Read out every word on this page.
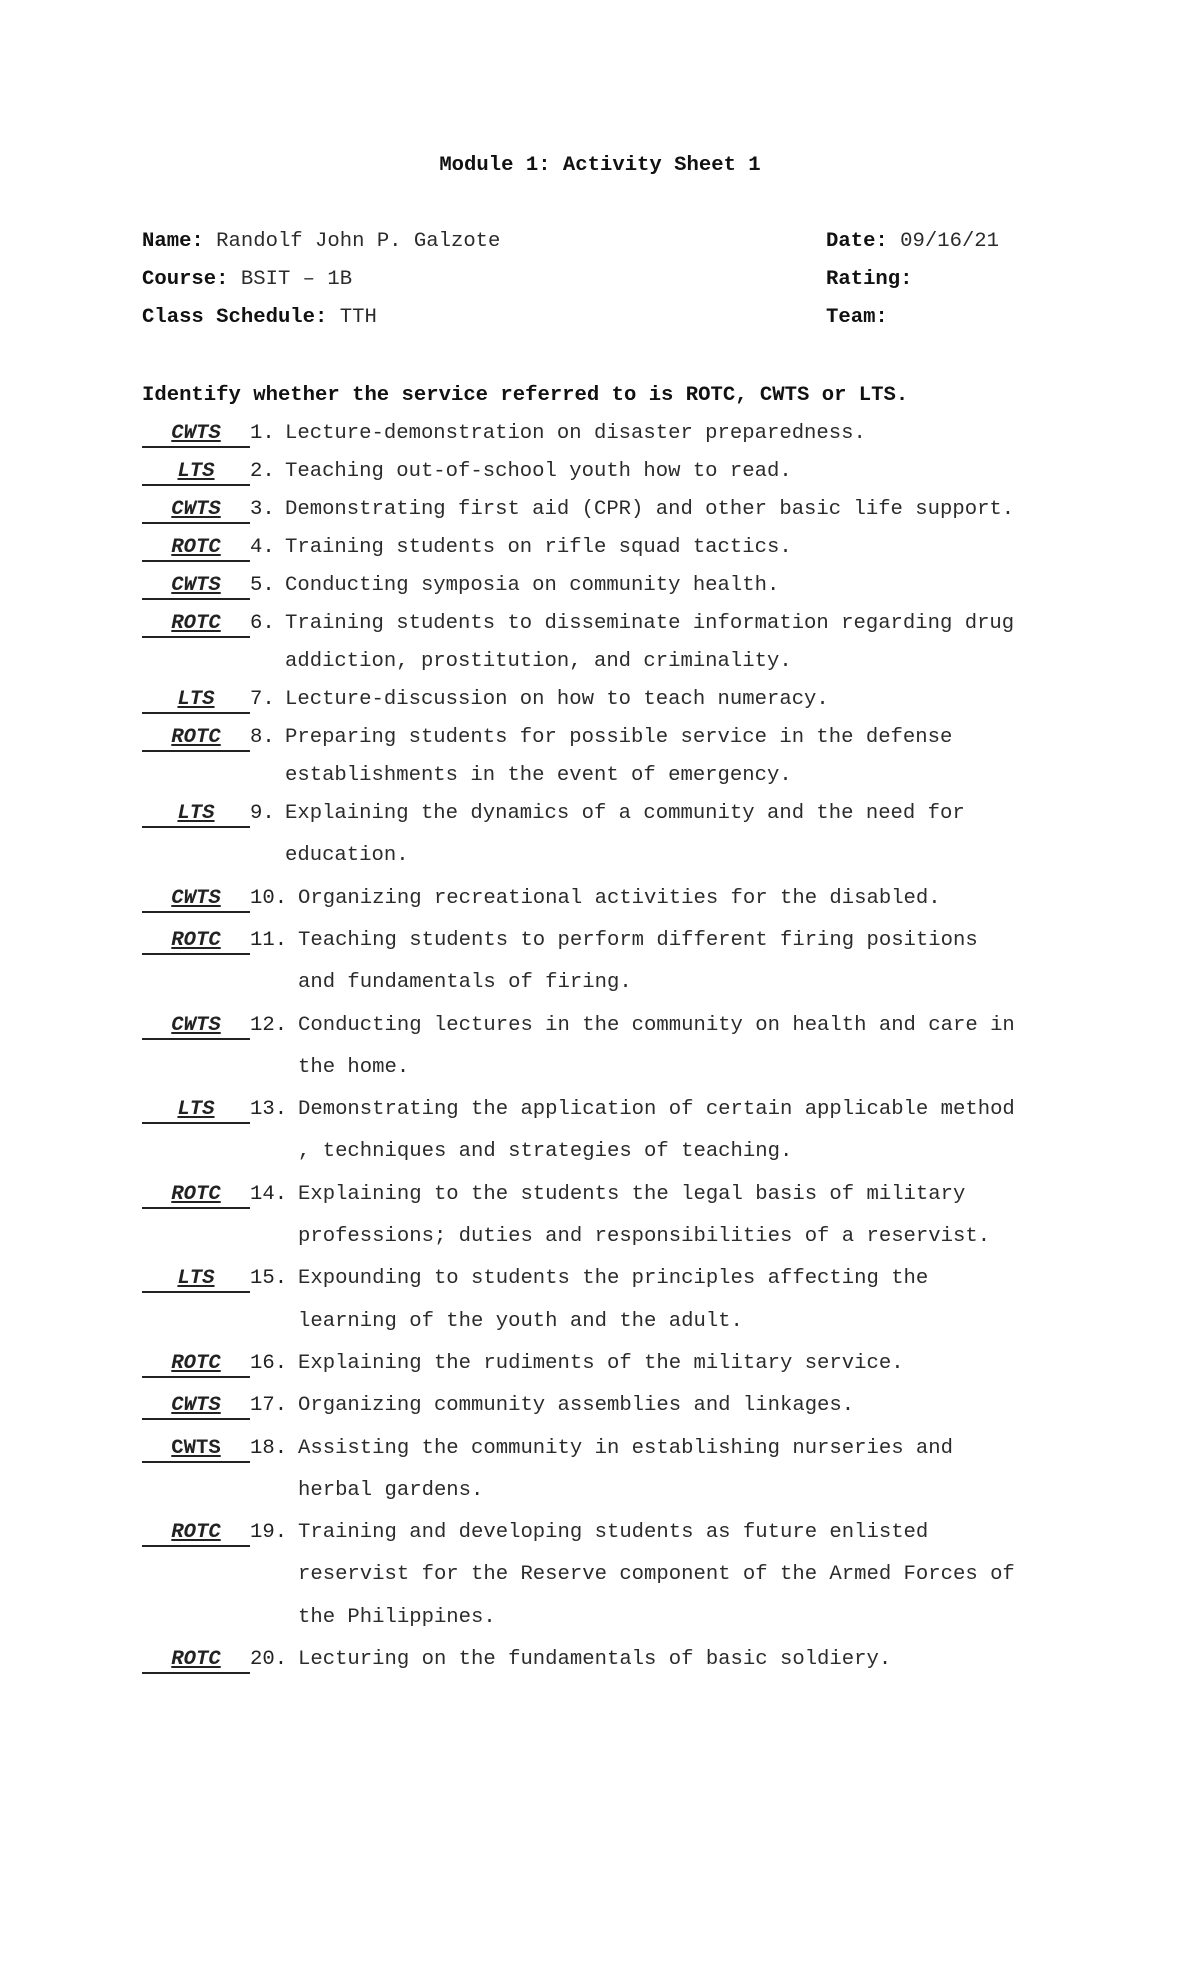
Module 1: Activity Sheet 1
Name: Randolf John P. Galzote
Course: BSIT – 1B
Class Schedule: TTH
Date: 09/16/21
Rating:
Team:
Identify whether the service referred to is ROTC, CWTS or LTS.
CWTS	1. Lecture-demonstration on disaster preparedness.
LTS	2. Teaching out-of-school youth how to read.
CWTS	3. Demonstrating first aid (CPR) and other basic life support.
ROTC	4. Training students on rifle squad tactics.
CWTS	5. Conducting symposia on community health.
ROTC	6. Training students to disseminate information regarding drug
addiction, prostitution, and criminality.
LTS	7. Lecture-discussion on how to teach numeracy.
ROTC	8. Preparing students for possible service in the defense
establishments in the event of emergency.
LTS	9. Explaining the dynamics of a community and the need for
education.
CWTS	10. Organizing recreational activities for the disabled.
ROTC	11. Teaching students to perform different firing positions
and fundamentals of firing.
CWTS	12. Conducting lectures in the community on health and care in
the home.
LTS	13. Demonstrating the application of certain applicable method
, techniques and strategies of teaching.
ROTC	14. Explaining to the students the legal basis of military
professions; duties and responsibilities of a reservist.
LTS	15. Expounding to students the principles affecting the
learning of the youth and the adult.
ROTC	16. Explaining the rudiments of the military service.
CWTS	17. Organizing community assemblies and linkages.
CWTS	18. Assisting the community in establishing nurseries and
herbal gardens.
ROTC	19. Training and developing students as future enlisted
reservist for the Reserve component of the Armed Forces of
the Philippines.
ROTC	20. Lecturing on the fundamentals of basic soldiery.
